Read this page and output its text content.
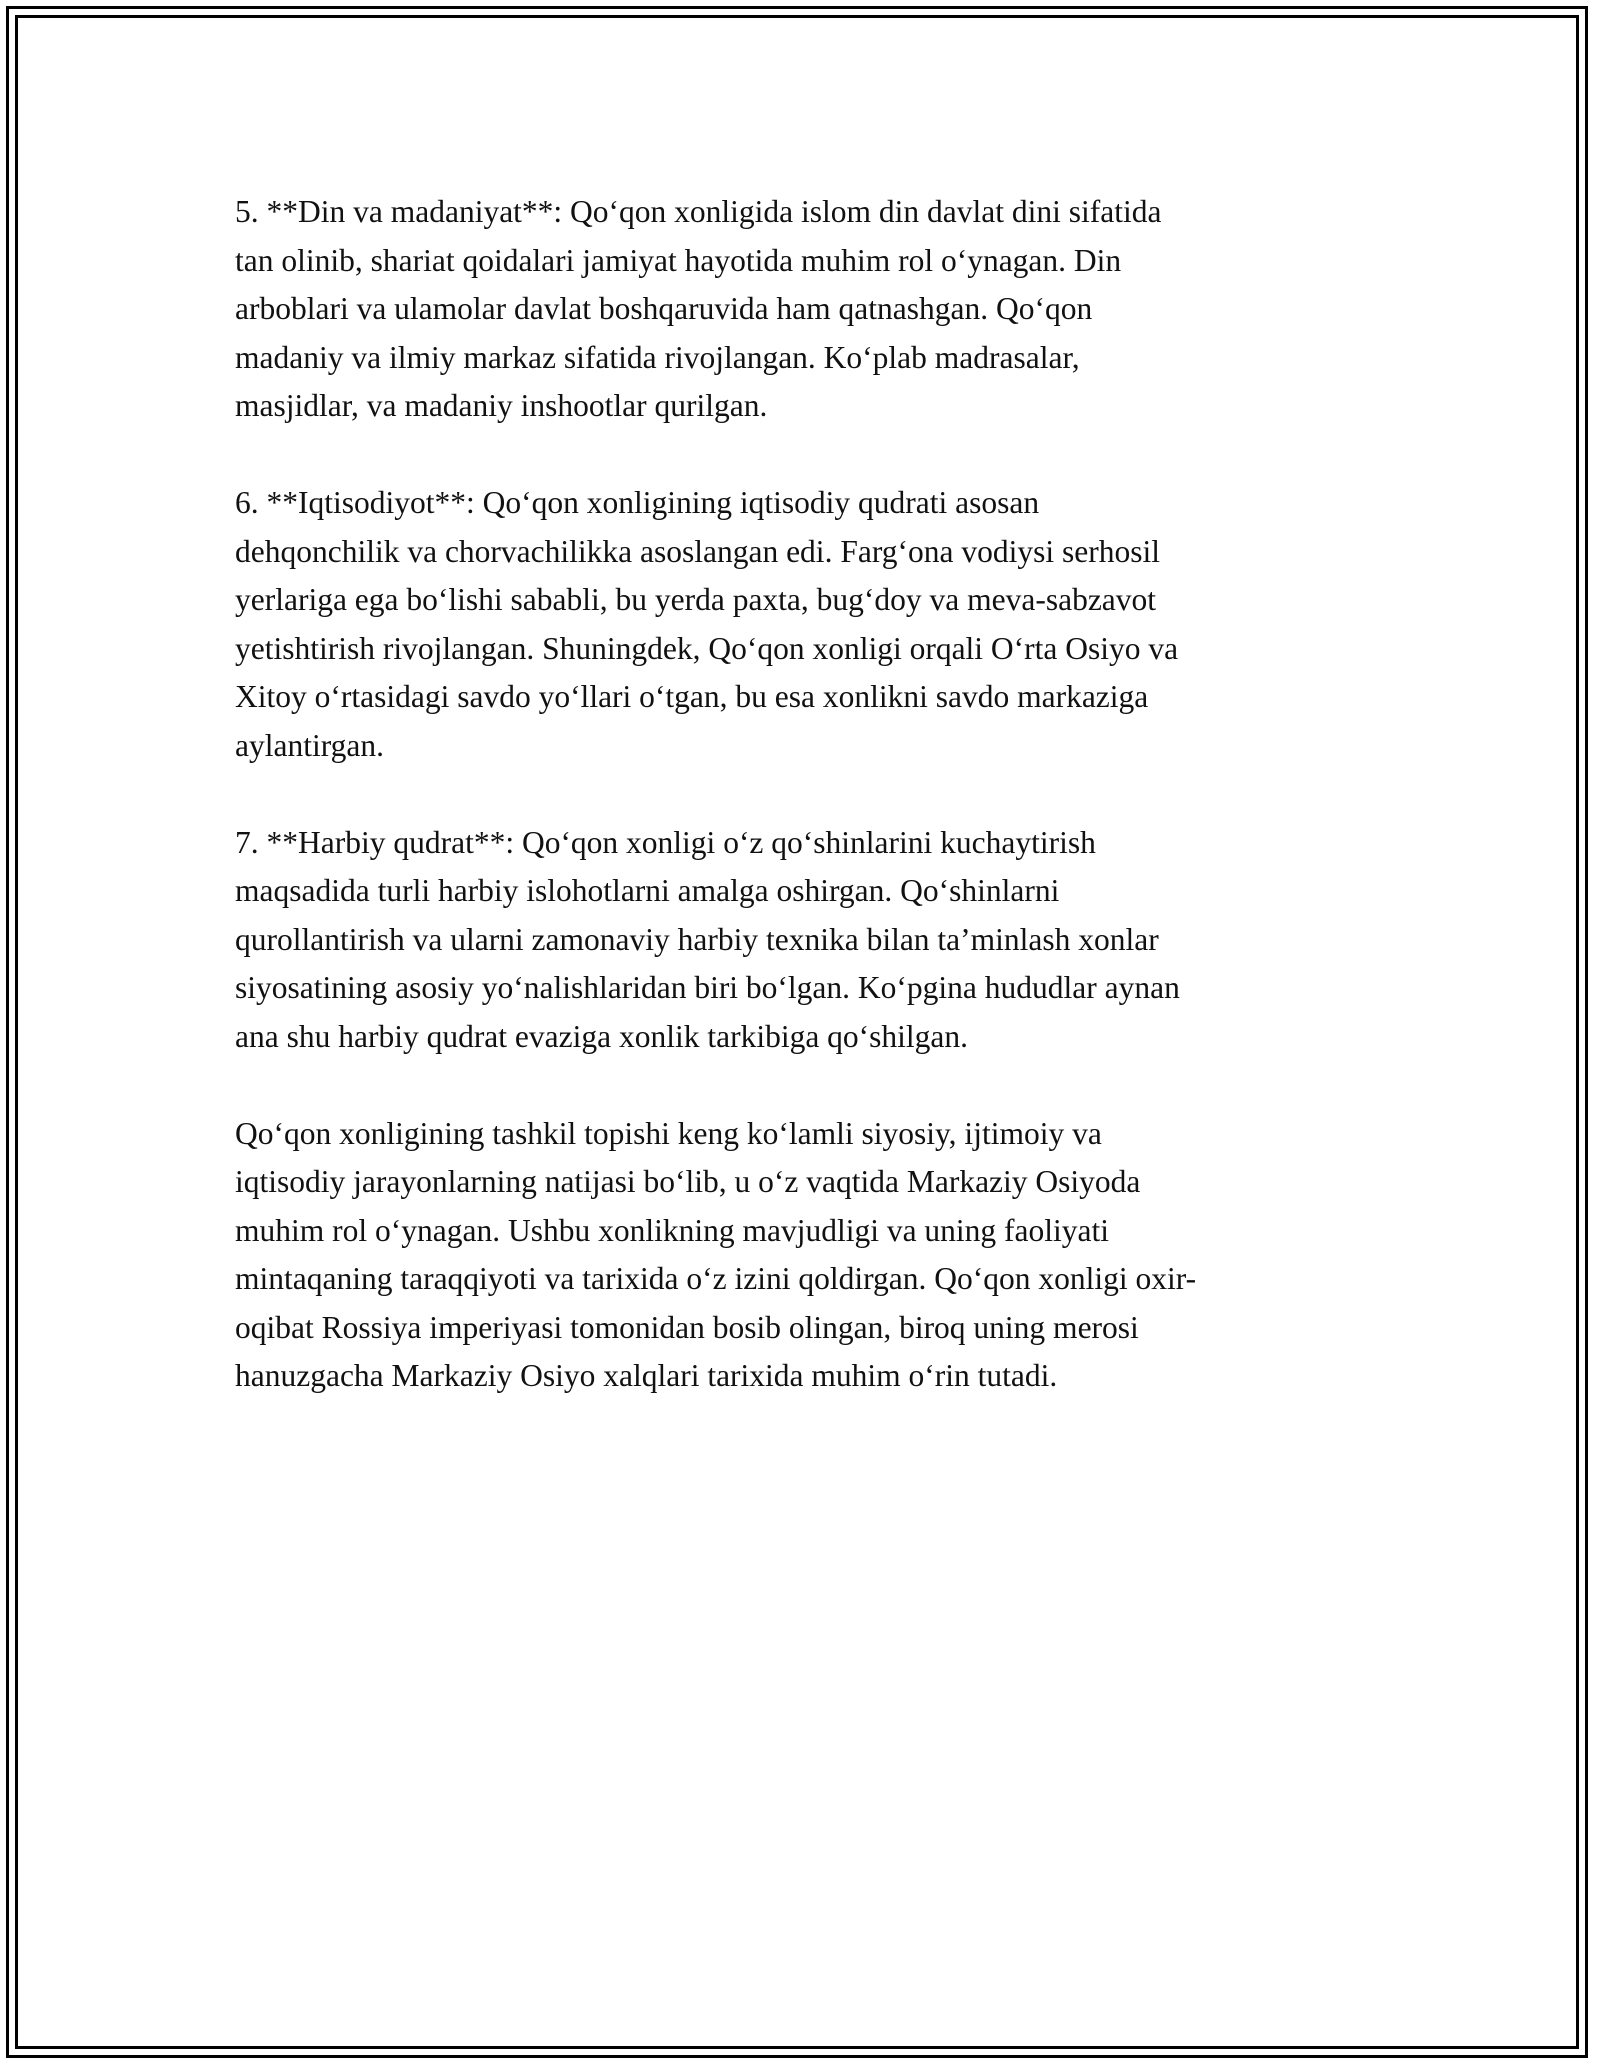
5. **Din va madaniyat**: Qo‘qon xonligida islom din davlat dini sifatida
tan olinib, shariat qoidalari jamiyat hayotida muhim rol o‘ynagan. Din
arboblari va ulamolar davlat boshqaruvida ham qatnashgan. Qo‘qon
madaniy va ilmiy markaz sifatida rivojlangan. Ko‘plab madrasalar,
masjidlar, va madaniy inshootlar qurilgan.

6. **Iqtisodiyot**: Qo‘qon xonligining iqtisodiy qudrati asosan
dehqonchilik va chorvachilikka asoslangan edi. Farg‘ona vodiysi serhosil
yerlariga ega bo‘lishi sababli, bu yerda paxta, bug‘doy va meva-sabzavot
yetishtirish rivojlangan. Shuningdek, Qo‘qon xonligi orqali O‘rta Osiyo va
Xitoy o‘rtasidagi savdo yo‘llari o‘tgan, bu esa xonlikni savdo markaziga
aylantirgan.

7. **Harbiy qudrat**: Qo‘qon xonligi o‘z qo‘shinlarini kuchaytirish
maqsadida turli harbiy islohotlarni amalga oshirgan. Qo‘shinlarni
qurollantirish va ularni zamonaviy harbiy texnika bilan ta’minlash xonlar
siyosatining asosiy yo‘nalishlaridan biri bo‘lgan. Ko‘pgina hududlar aynan
ana shu harbiy qudrat evaziga xonlik tarkibiga qo‘shilgan.

Qo‘qon xonligining tashkil topishi keng ko‘lamli siyosiy, ijtimoiy va
iqtisodiy jarayonlarning natijasi bo‘lib, u o‘z vaqtida Markaziy Osiyoda
muhim rol o‘ynagan. Ushbu xonlikning mavjudligi va uning faoliyati
mintaqaning taraqqiyoti va tarixida o‘z izini qoldirgan. Qo‘qon xonligi oxir-
oqibat Rossiya imperiyasi tomonidan bosib olingan, biroq uning merosi
hanuzgacha Markaziy Osiyo xalqlari tarixida muhim o‘rin tutadi.
